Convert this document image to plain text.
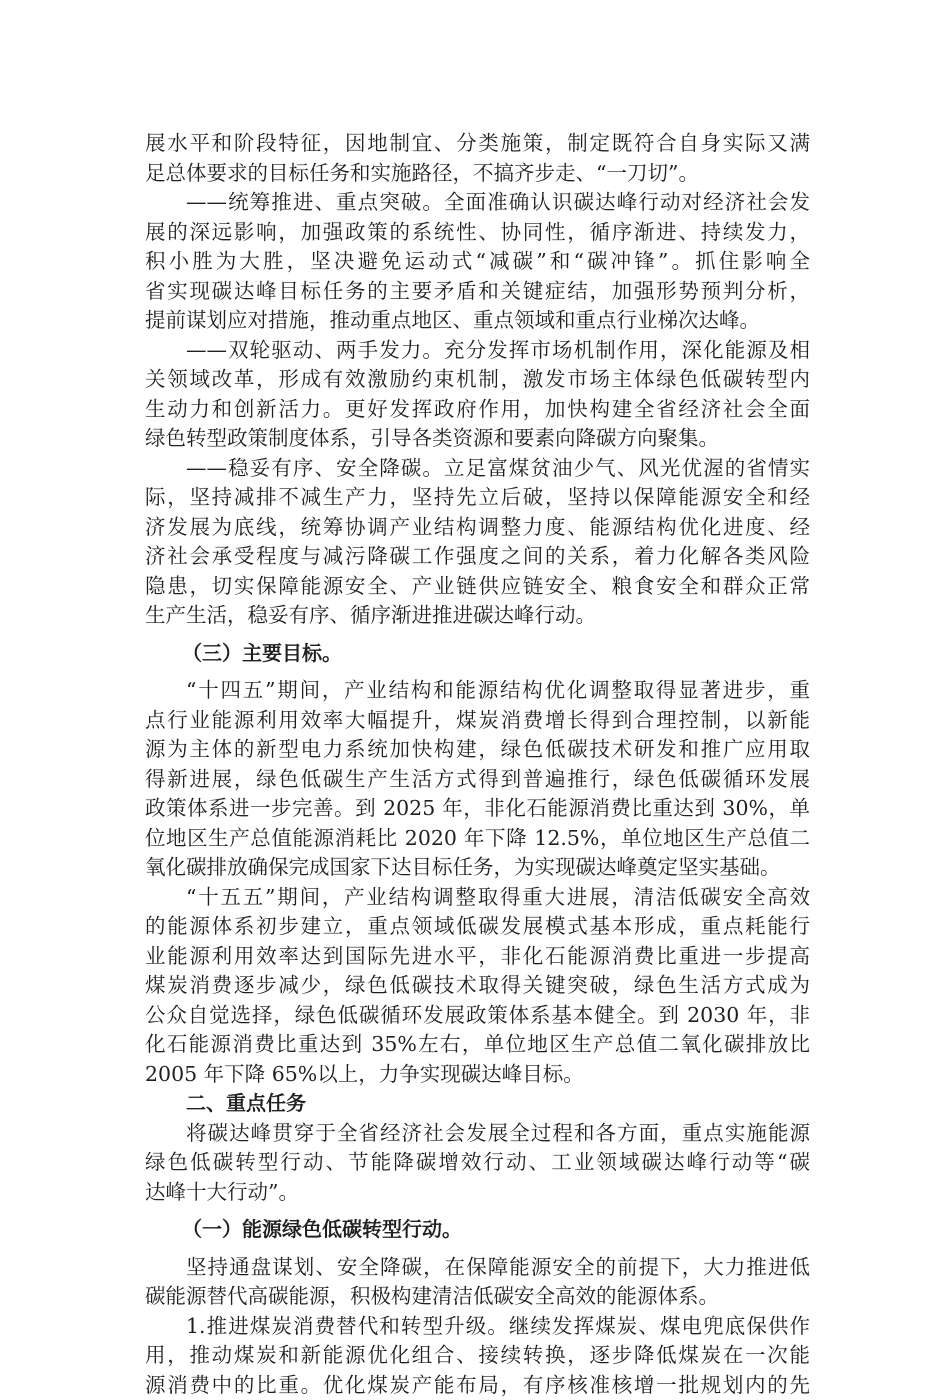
展水平和阶段特征，因地制宜、分类施策，制定既符合自身实际又满
足总体要求的目标任务和实施路径，不搞齐步走、“一刀切”。
——统筹推进、重点突破。全面准确认识碳达峰行动对经济社会发
展的深远影响，加强政策的系统性、协同性，循序渐进、持续发力，
积小胜为大胜，坚决避免运动式“减碳”和“碳冲锋”。抓住影响全
省实现碳达峰目标任务的主要矛盾和关键症结，加强形势预判分析，
提前谋划应对措施，推动重点地区、重点领域和重点行业梯次达峰。
——双轮驱动、两手发力。充分发挥市场机制作用，深化能源及相
关领域改革，形成有效激励约束机制，激发市场主体绿色低碳转型内
生动力和创新活力。更好发挥政府作用，加快构建全省经济社会全面
绿色转型政策制度体系，引导各类资源和要素向降碳方向聚集。
——稳妥有序、安全降碳。立足富煤贫油少气、风光优渥的省情实
际，坚持减排不减生产力，坚持先立后破，坚持以保障能源安全和经
济发展为底线，统筹协调产业结构调整力度、能源结构优化进度、经
济社会承受程度与减污降碳工作强度之间的关系，着力化解各类风险
隐患，切实保障能源安全、产业链供应链安全、粮食安全和群众正常
生产生活，稳妥有序、循序渐进推进碳达峰行动。
（三）主要目标。
“十四五”期间，产业结构和能源结构优化调整取得显著进步，重
点行业能源利用效率大幅提升，煤炭消费增长得到合理控制，以新能
源为主体的新型电力系统加快构建，绿色低碳技术研发和推广应用取
得新进展，绿色低碳生产生活方式得到普遍推行，绿色低碳循环发展
政策体系进一步完善。到 2025 年，非化石能源消费比重达到 30%，单
位地区生产总值能源消耗比 2020 年下降 12.5%，单位地区生产总值二
氧化碳排放确保完成国家下达目标任务，为实现碳达峰奠定坚实基础。
“十五五”期间，产业结构调整取得重大进展，清洁低碳安全高效
的能源体系初步建立，重点领域低碳发展模式基本形成，重点耗能行
业能源利用效率达到国际先进水平，非化石能源消费比重进一步提高
煤炭消费逐步减少，绿色低碳技术取得关键突破，绿色生活方式成为
公众自觉选择，绿色低碳循环发展政策体系基本健全。到 2030 年，非
化石能源消费比重达到 35%左右，单位地区生产总值二氧化碳排放比
2005 年下降 65%以上，力争实现碳达峰目标。
二、重点任务
将碳达峰贯穿于全省经济社会发展全过程和各方面，重点实施能源
绿色低碳转型行动、节能降碳增效行动、工业领域碳达峰行动等“碳
达峰十大行动”。
（一）能源绿色低碳转型行动。
坚持通盘谋划、安全降碳，在保障能源安全的前提下，大力推进低
碳能源替代高碳能源，积极构建清洁低碳安全高效的能源体系。
1.推进煤炭消费替代和转型升级。继续发挥煤炭、煤电兜底保供作
用，推动煤炭和新能源优化组合、接续转换，逐步降低煤炭在一次能
源消费中的比重。优化煤炭产能布局，有序核准核增一批规划内的先
